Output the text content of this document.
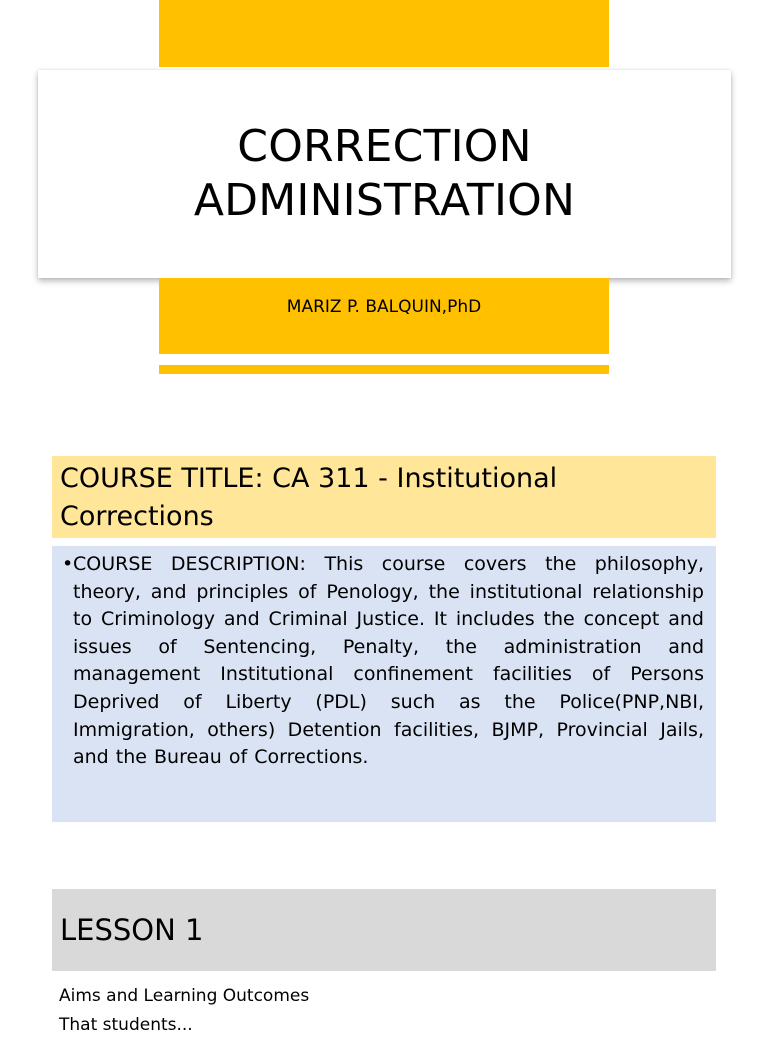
CORRECTION
ADMINISTRATION
MARIZ P. BALQUIN,PhD
COURSE TITLE: CA 311 - Institutional
Corrections
• COURSE DESCRIPTION: This course covers the philosophy, theory, and principles of Penology, the institutional relationship to Criminology and Criminal Justice. It includes the concept and issues of Sentencing, Penalty, the administration and management Institutional confinement facilities of Persons Deprived of Liberty (PDL) such as the Police(PNP,NBI, Immigration, others) Detention facilities, BJMP, Provincial Jails, and the Bureau of Corrections.
LESSON 1
Aims and Learning Outcomes
That students...
